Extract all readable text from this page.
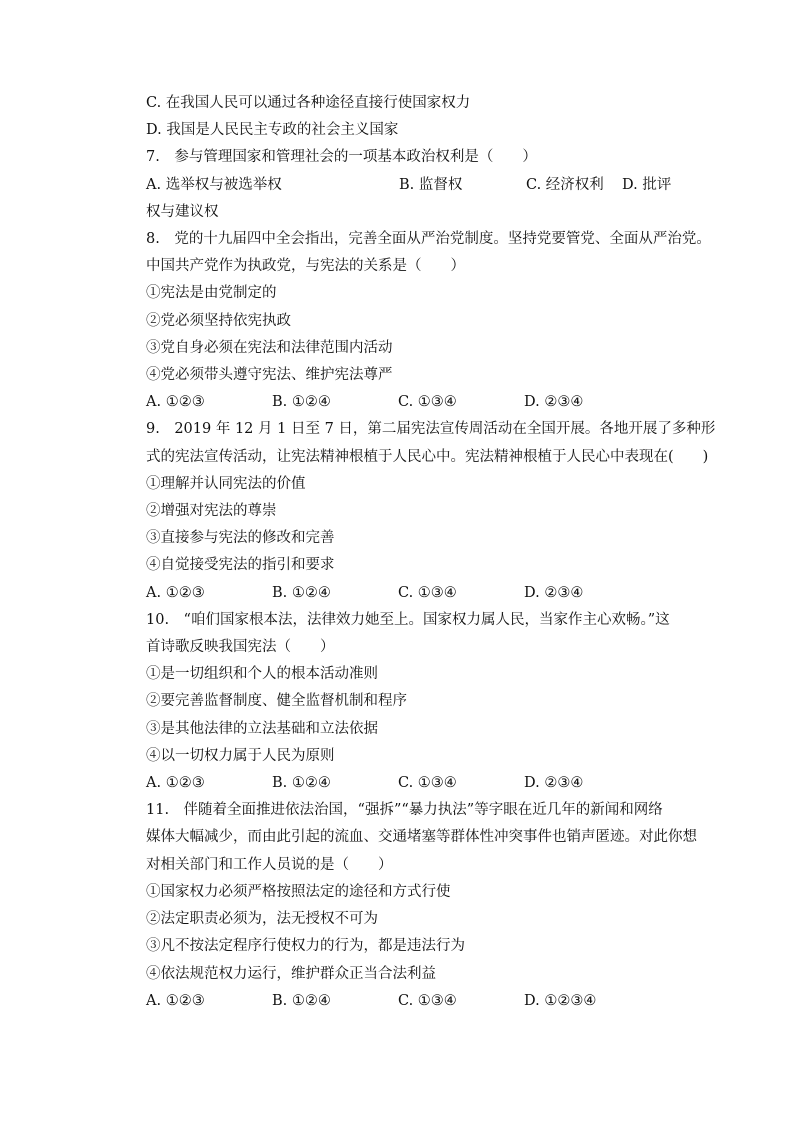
C. 在我国人民可以通过各种途径直接行使国家权力
D. 我国是人民民主专政的社会主义国家
7.　参与管理国家和管理社会的一项基本政治权利是（　　）
A. 选举权与被选举权	B. 监督权	C. 经济权利	D. 批评
权与建议权
8.　党的十九届四中全会指出，完善全面从严治党制度。坚持党要管党、全面从严治党。
中国共产党作为执政党，与宪法的关系是（　　）
①宪法是由党制定的
②党必须坚持依宪执政
③党自身必须在宪法和法律范围内活动
④党必须带头遵守宪法、维护宪法尊严
A. ①②③	B. ①②④	C. ①③④	D. ②③④
9.　2019 年 12 月 1 日至 7 日，第二届宪法宣传周活动在全国开展。各地开展了多种形
式的宪法宣传活动，让宪法精神根植于人民心中。宪法精神根植于人民心中表现在(　　)
①理解并认同宪法的价值
②增强对宪法的尊崇
③直接参与宪法的修改和完善
④自觉接受宪法的指引和要求
A. ①②③	B. ①②④	C. ①③④	D. ②③④
10.　“咱们国家根本法，法律效力她至上。国家权力属人民，当家作主心欢畅。”这
首诗歌反映我国宪法（　　）
①是一切组织和个人的根本活动准则
②要完善监督制度、健全监督机制和程序
③是其他法律的立法基础和立法依据
④以一切权力属于人民为原则
A. ①②③	B. ①②④	C. ①③④	D. ②③④
11.　伴随着全面推进依法治国，“强拆”“暴力执法”等字眼在近几年的新闻和网络
媒体大幅减少，而由此引起的流血、交通堵塞等群体性冲突事件也销声匿迹。对此你想
对相关部门和工作人员说的是（　　）
①国家权力必须严格按照法定的途径和方式行使
②法定职责必须为，法无授权不可为
③凡不按法定程序行使权力的行为，都是违法行为
④依法规范权力运行，维护群众正当合法利益
A. ①②③	B. ①②④	C. ①③④	D. ①②③④
